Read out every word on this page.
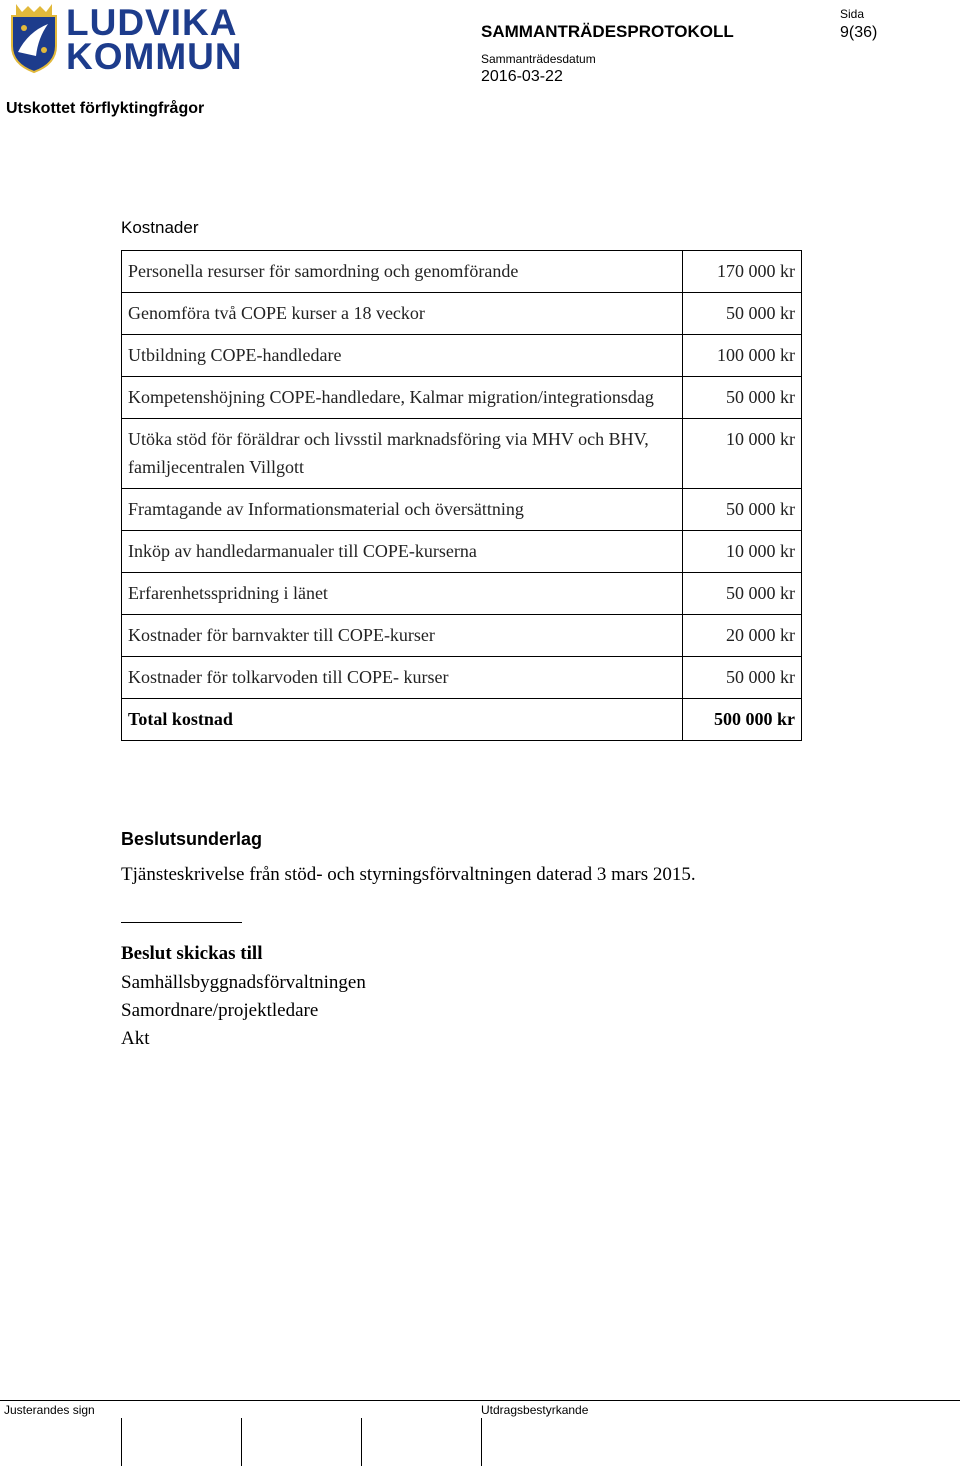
LUDVIKA
KOMMUN
SAMMANTRÄDESPROTOKOLL
Sammanträdesdatum
2016-03-22
Sida
9(36)
Utskottet förflyktingfrågor
Kostnader
Personella resurser för samordning och genomförande	170 000 kr
Genomföra två COPE kurser a 18 veckor	50 000 kr
Utbildning COPE-handledare	100 000 kr
Kompetenshöjning COPE-handledare, Kalmar migration/integrationsdag	50 000 kr
Utöka stöd för föräldrar och livsstil marknadsföring via MHV och BHV, familjecentralen Villgott	10 000 kr
Framtagande av Informationsmaterial och översättning	50 000 kr
Inköp av handledarmanualer till COPE-kurserna	10 000 kr
Erfarenhetsspridning i länet	50 000 kr
Kostnader för barnvakter till COPE-kurser	20 000 kr
Kostnader för tolkarvoden till COPE- kurser	50 000 kr
Total kostnad	500 000 kr
Beslutsunderlag
Tjänsteskrivelse från stöd- och styrningsförvaltningen daterad 3 mars 2015.
Beslut skickas till
Samhällsbyggnadsförvaltningen
Samordnare/projektledare
Akt
Justerandes sign	Utdragsbestyrkande
